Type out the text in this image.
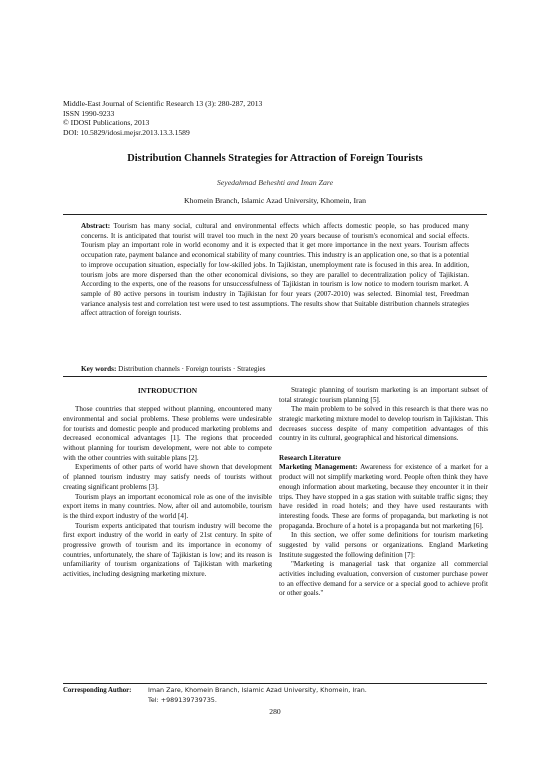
Middle-East Journal of Scientific Research 13 (3): 280-287, 2013
ISSN 1990-9233
© IDOSI Publications, 2013
DOI: 10.5829/idosi.mejsr.2013.13.3.1589
Distribution Channels Strategies for Attraction of Foreign Tourists
Seyedahmad Beheshti and Iman Zare
Khomein Branch, Islamic Azad University, Khomein, Iran
Abstract: Tourism has many social, cultural and environmental effects which affects domestic people, so has produced many concerns. It is anticipated that tourist will travel too much in the next 20 years because of tourism's economical and social effects. Tourism play an important role in world economy and it is expected that it get more importance in the next years. Tourism affects occupation rate, payment balance and economical stability of many countries. This industry is an application one, so that is a potential to improve occupation situation, especially for low-skilled jobs. In Tajikistan, unemployment rate is focused in this area. In addition, tourism jobs are more dispersed than the other economical divisions, so they are parallel to decentralization policy of Tajikistan. According to the experts, one of the reasons for unsuccessfulness of Tajikistan in tourism is low notice to modern tourism market. A sample of 80 active persons in tourism industry in Tajikistan for four years (2007-2010) was selected. Binomial test, Freedman variance analysis test and correlation test were used to test assumptions. The results show that Suitable distribution channels strategies affect attraction of foreign tourists.
Key words: Distribution channels · Foreign tourists · Strategies
INTRODUCTION

Those countries that stepped without planning, encountered many environmental and social problems. These problems were undesirable for tourists and domestic people and produced marketing problems and decreased economical advantages [1]. The regions that proceeded without planning for tourism development, were not able to compete with the other countries with suitable plans [2].

Experiments of other parts of world have shown that development of planned tourism industry may satisfy needs of tourists without creating significant problems [3].

Tourism plays an important economical role as one of the invisible export items in many countries. Now, after oil and automobile, tourism is the third export industry of the world [4].

Tourism experts anticipated that tourism industry will become the first export industry of the world in early of 21st century. In spite of progressive growth of tourism and its importance in economy of countries, unfortunately, the share of Tajikistan is low; and its reason is unfamiliarity of tourism organizations of Tajikistan with marketing activities, including designing marketing mixture.

Strategic planning of tourism marketing is an important subset of total strategic tourism planning [5].

The main problem to be solved in this research is that there was no strategic marketing mixture model to develop tourism in Tajikistan. This decreases success despite of many competition advantages of this country in its cultural, geographical and historical dimensions.

Research Literature

Marketing Management: Awareness for existence of a market for a product will not simplify marketing word. People often think they have enough information about marketing, because they encounter it in their trips. They have stopped in a gas station with suitable traffic signs; they have resided in road hotels; and they have used restaurants with interesting foods. These are forms of propaganda, but marketing is not propaganda. Brochure of a hotel is a propaganda but not marketing [6].

In this section, we offer some definitions for tourism marketing suggested by valid persons or organizations. England Marketing Institute suggested the following definition [7]:

"Marketing is managerial task that organize all commercial activities including evaluation, conversion of customer purchase power to an effective demand for a service or a special good to achieve profit or other goals."

Corresponding Author:	Iman Zare, Khomein Branch, Islamic Azad University, Khomein, Iran.
Tel: +989139739735.
280
